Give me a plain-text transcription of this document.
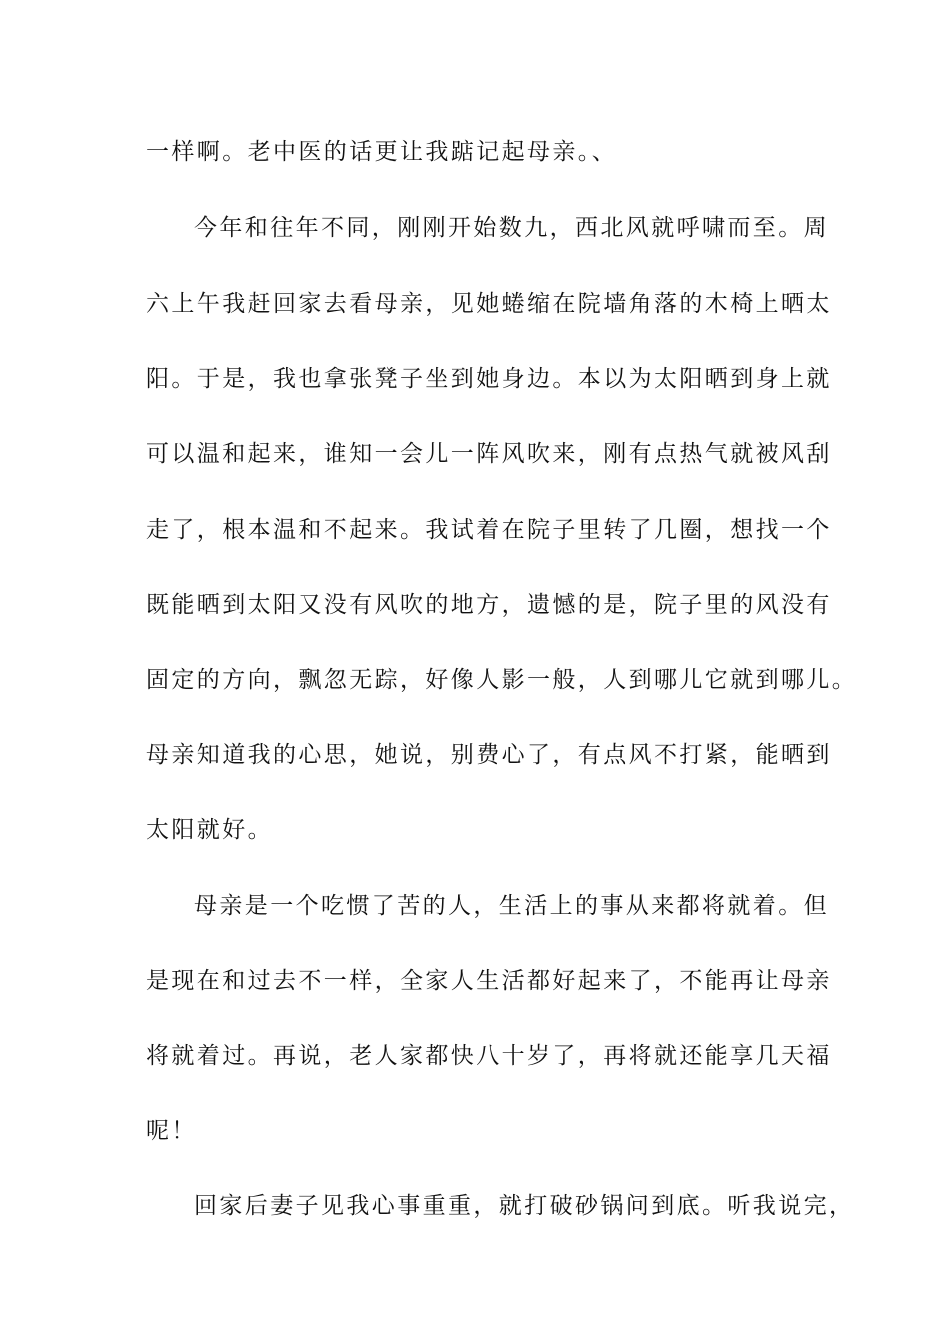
一样啊。老中医的话更让我踮记起母亲。、
今年和往年不同，刚刚开始数九，西北风就呼啸而至。周
六上午我赶回家去看母亲，见她蜷缩在院墙角落的木椅上晒太
阳。于是，我也拿张凳子坐到她身边。本以为太阳晒到身上就
可以温和起来，谁知一会儿一阵风吹来，刚有点热气就被风刮
走了，根本温和不起来。我试着在院子里转了几圈，想找一个
既能晒到太阳又没有风吹的地方，遗憾的是，院子里的风没有
固定的方向，飘忽无踪，好像人影一般，人到哪儿它就到哪儿。
母亲知道我的心思，她说，别费心了，有点风不打紧，能晒到
太阳就好。
母亲是一个吃惯了苦的人，生活上的事从来都将就着。但
是现在和过去不一样，全家人生活都好起来了，不能再让母亲
将就着过。再说，老人家都快八十岁了，再将就还能享几天福
呢！
回家后妻子见我心事重重，就打破砂锅问到底。听我说完，
